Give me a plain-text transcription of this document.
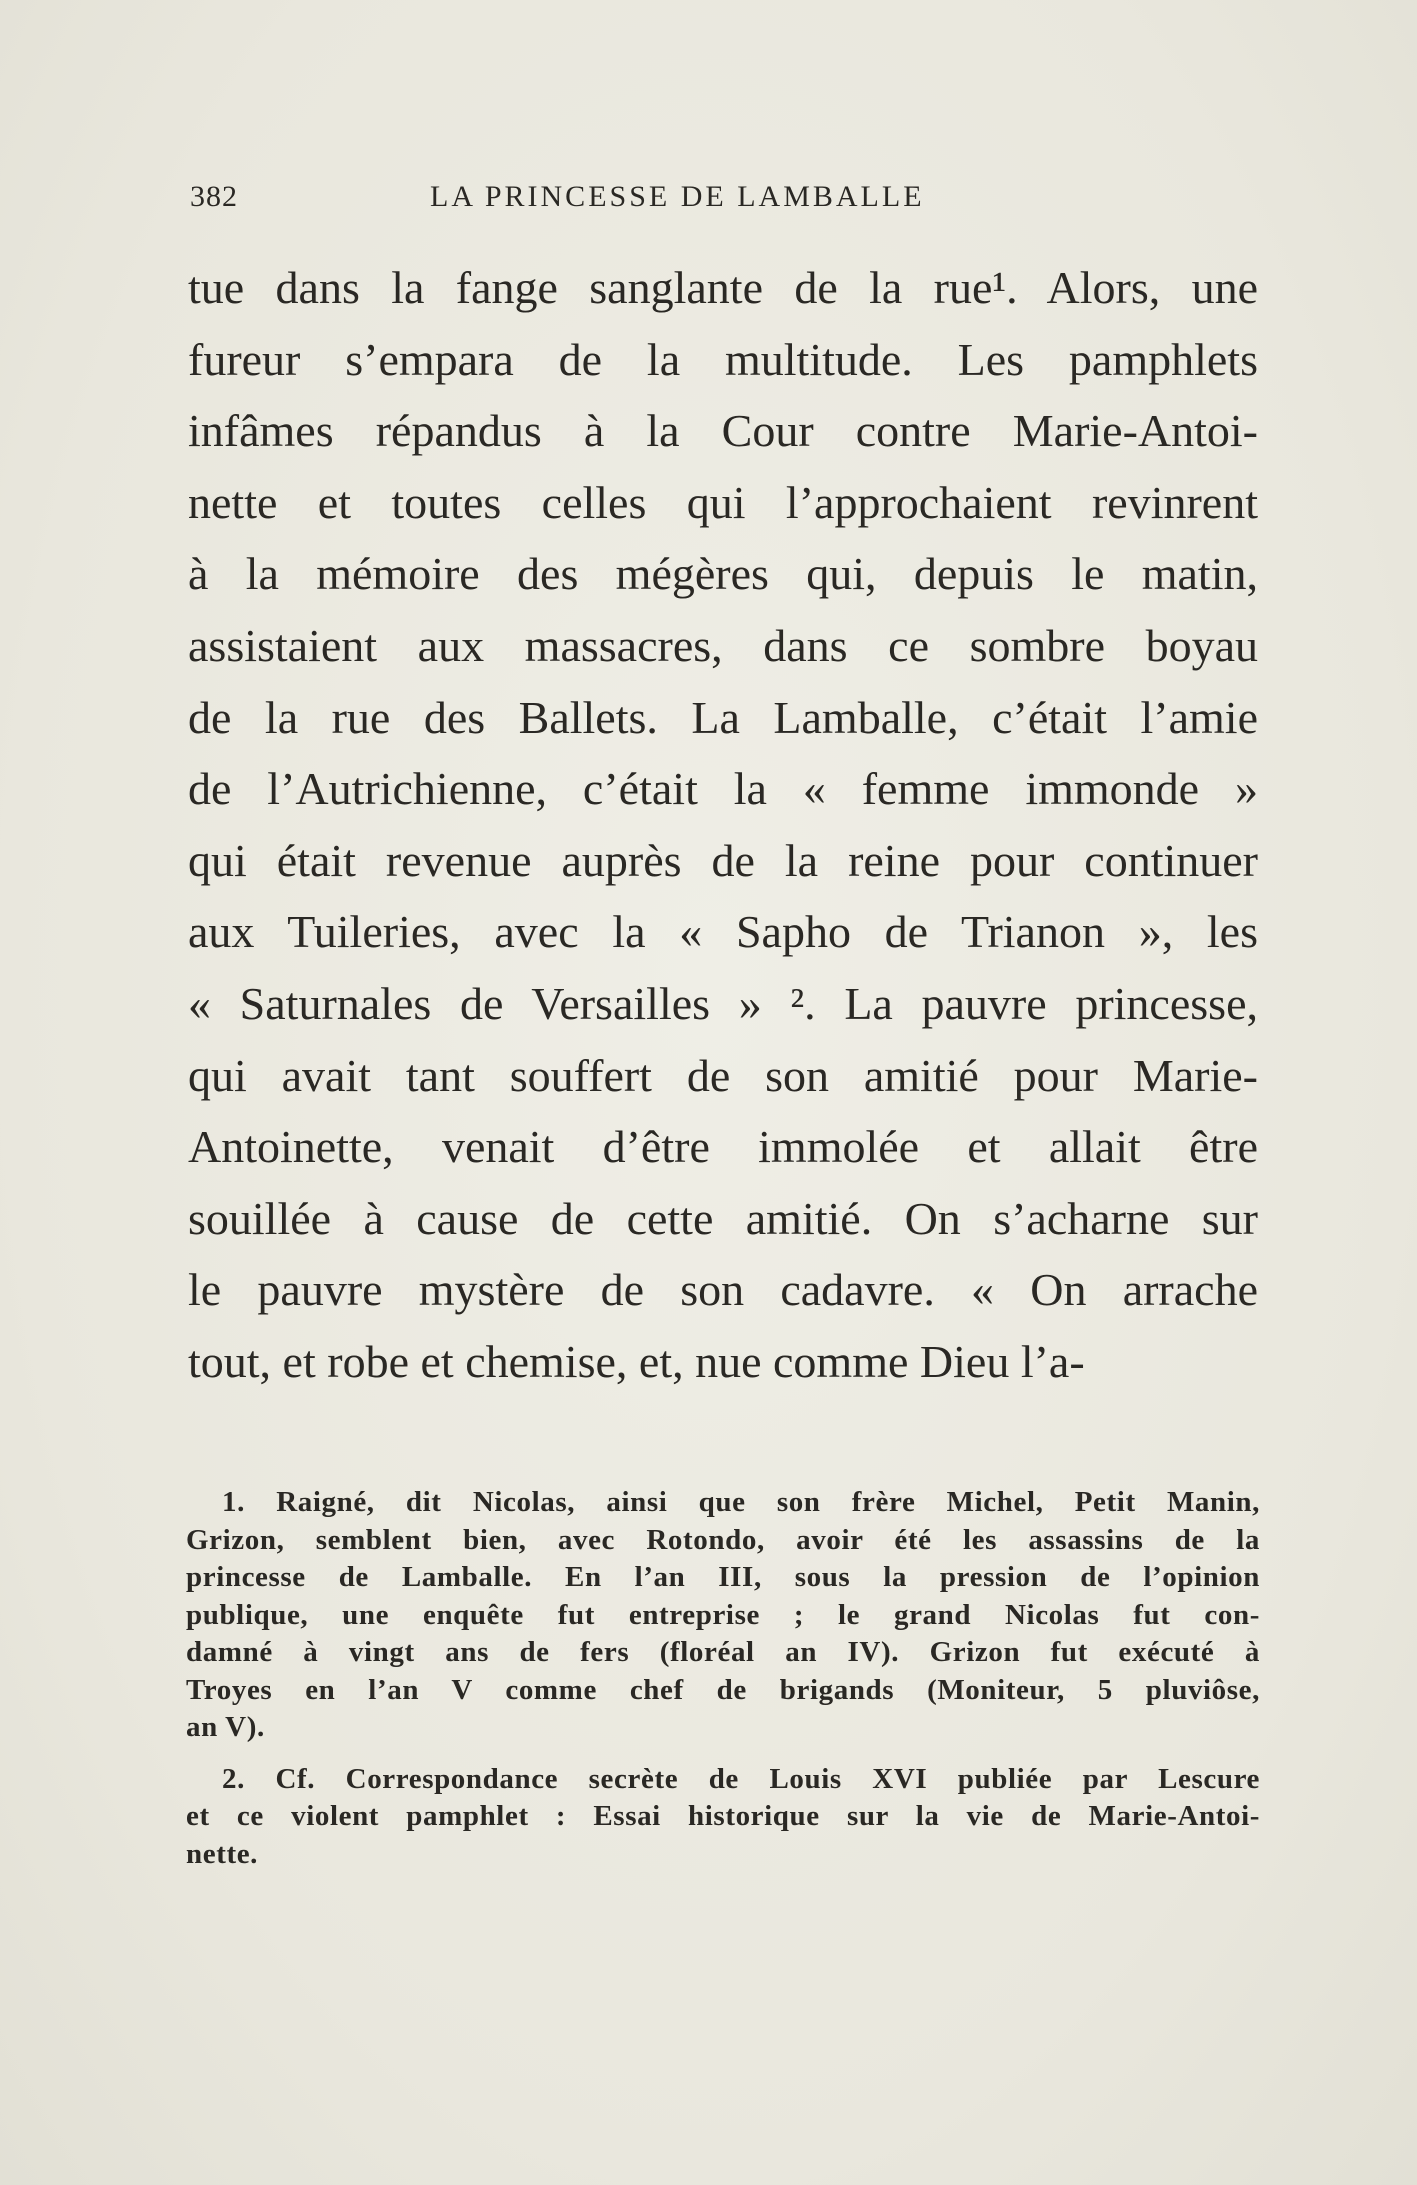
382	LA PRINCESSE DE LAMBALLE
tue dans la fange sanglante de la rue¹. Alors, une
fureur s’empara de la multitude. Les pamphlets
infâmes répandus à la Cour contre Marie-Antoi-
nette et toutes celles qui l’approchaient revinrent
à la mémoire des mégères qui, depuis le matin,
assistaient aux massacres, dans ce sombre boyau
de la rue des Ballets. La Lamballe, c’était l’amie
de l’Autrichienne, c’était la « femme immonde »
qui était revenue auprès de la reine pour continuer
aux Tuileries, avec la « Sapho de Trianon », les
« Saturnales de Versailles » ². La pauvre princesse,
qui avait tant souffert de son amitié pour Marie-
Antoinette, venait d’être immolée et allait être
souillée à cause de cette amitié. On s’acharne sur
le pauvre mystère de son cadavre. « On arrache
tout, et robe et chemise, et, nue comme Dieu l’a-
1. Raigné, dit Nicolas, ainsi que son frère Michel, Petit Manin,
Grizon, semblent bien, avec Rotondo, avoir été les assassins de la
princesse de Lamballe. En l’an III, sous la pression de l’opinion
publique, une enquête fut entreprise ; le grand Nicolas fut con-
damné à vingt ans de fers (floréal an IV). Grizon fut exécuté à
Troyes en l’an V comme chef de brigands (Moniteur, 5 pluviôse,
an V).
2. Cf. Correspondance secrète de Louis XVI publiée par Lescure
et ce violent pamphlet : Essai historique sur la vie de Marie-Antoi-
nette.
